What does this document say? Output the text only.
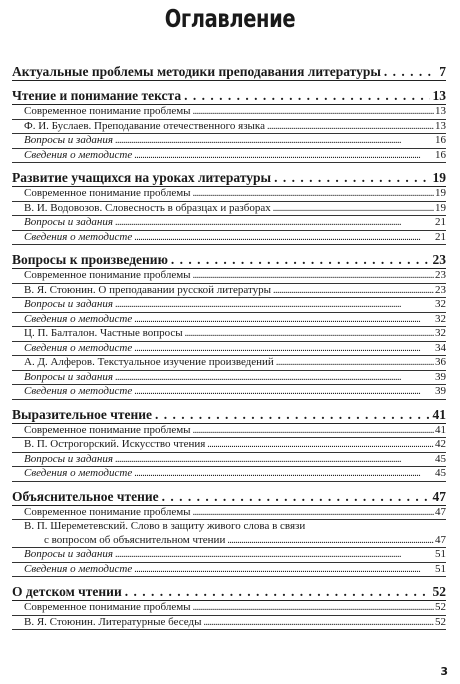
Оглавление
Актуальные проблемы методики преподавания литературы . . .	7
Чтение и понимание текста . . .	13
Современное понимание проблемы . . .	13
Ф. И. Буслаев. Преподавание отечественного языка . . .	13
Вопросы и задания . . .	16
Сведения о методисте . . .	16
Развитие учащихся на уроках литературы . . .	19
Современное понимание проблемы . . .	19
В. И. Водовозов. Словесность в образцах и разборах . . .	19
Вопросы и задания . . .	21
Сведения о методисте . . .	21
Вопросы к произведению . . .	23
Современное понимание проблемы . . .	23
В. Я. Стоюнин. О преподавании русской литературы . . .	23
Вопросы и задания . . .	32
Сведения о методисте . . .	32
Ц. П. Балталон. Частные вопросы . . .	32
Сведения о методисте . . .	34
А. Д. Алферов. Текстуальное изучение произведений . . .	36
Вопросы и задания . . .	39
Сведения о методисте . . .	39
Выразительное чтение . . .	41
Современное понимание проблемы . . .	41
В. П. Острогорский. Искусство чтения . . .	42
Вопросы и задания . . .	45
Сведения о методисте . . .	45
Объяснительное чтение . . .	47
Современное понимание проблемы . . .	47
В. П. Шереметевский. Слово в защиту живого слова в связи
с вопросом об объяснительном чтении . . .	47
Вопросы и задания . . .	51
Сведения о методисте . . .	51
О детском чтении . . .	52
Современное понимание проблемы . . .	52
В. Я. Стоюнин. Литературные беседы . . .	52
3
